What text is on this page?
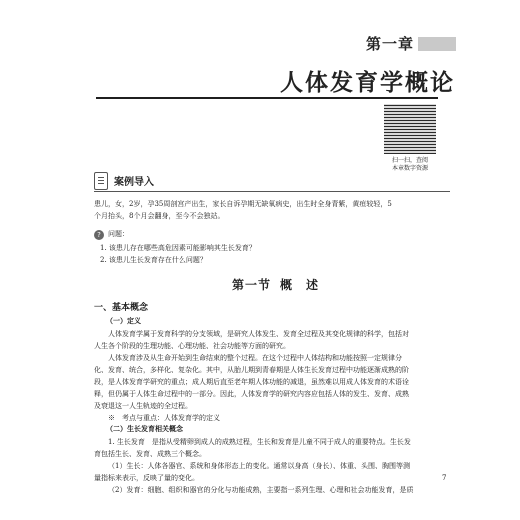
第一章
人体发育学概论
扫一扫，查阅
本章数字资源
案例导入
患儿，女，2岁，孕35周剖宫产出生，家长自诉孕期无缺氧病史，出生时全身青紫，黄疸较轻，5
个月抬头，8个月会翻身，至今不会独站。
?	问题：
1. 该患儿存在哪些高危因素可能影响其生长发育？
2. 该患儿生长发育存在什么问题？
第一节 概　述
一、基本概念
（一）定义
人体发育学属于发育科学的分支领域，是研究人体发生、发育全过程及其变化规律的科学，包括对
人生各个阶段的生理功能、心理功能、社会功能等方面的研究。
人体发育涉及从生命开始到生命结束的整个过程。在这个过程中人体结构和功能按照一定规律分
化、发育、统合，多样化、复杂化。其中，从胎儿期到青春期是人体生长发育过程中功能逐渐成熟的阶
段，是人体发育学研究的重点；成人期后直至老年期人体功能的减退，虽然难以用成人体发育的术语诠
释，但仍属于人体生命过程中的一部分。因此，人体发育学的研究内容应包括人体的发生、发育、成熟
及衰退这一人生轨迹的全过程。
※　考点与重点：人体发育学的定义
（二）生长发育相关概念
1. 生长发育　是指从受精卵到成人的成熟过程，生长和发育是儿童不同于成人的重要特点。生长发
育包括生长、发育、成熟三个概念。
（1）生长：人体各器官、系统和身体形态上的变化。通常以身高（身长）、体重、头围、胸围等测
量指标来表示，反映了量的变化。
（2）发育：细胞、组织和器官的分化与功能成熟，主要指一系列生理、心理和社会功能发育，是质
7
